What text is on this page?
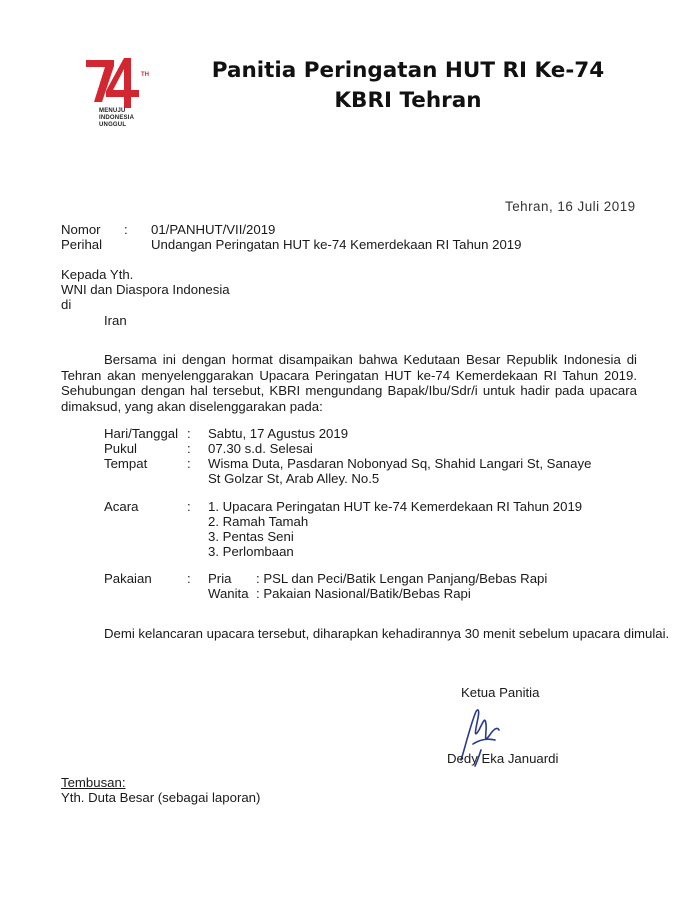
TH
MENUJU
INDONESIA
UNGGUL
Panitia Peringatan HUT RI Ke-74
KBRI Tehran
Tehran, 16 Juli 2019
Nomor : 01/PANHUT/VII/2019
Perihal	Undangan Peringatan HUT ke-74 Kemerdekaan RI Tahun 2019
Kepada Yth.
WNI dan Diaspora Indonesia
di
Iran
Bersama ini dengan hormat disampaikan bahwa Kedutaan Besar Republik Indonesia di Tehran akan menyelenggarakan Upacara Peringatan HUT ke-74 Kemerdekaan RI Tahun 2019. Sehubungan dengan hal tersebut, KBRI mengundang Bapak/Ibu/Sdr/i untuk hadir pada upacara dimaksud, yang akan diselenggarakan pada:
Hari/Tanggal : Sabtu, 17 Agustus 2019
Pukul	: 07.30 s.d. Selesai
Tempat	: Wisma Duta, Pasdaran Nobonyad Sq, Shahid Langari St, Sanaye
St Golzar St, Arab Alley. No.5
Acara	: 1. Upacara Peringatan HUT ke-74 Kemerdekaan RI Tahun 2019
2. Ramah Tamah
3. Pentas Seni
3. Perlombaan
Pakaian	: Pria : PSL dan Peci/Batik Lengan Panjang/Bebas Rapi
Wanita : Pakaian Nasional/Batik/Bebas Rapi
Demi kelancaran upacara tersebut, diharapkan kehadirannya 30 menit sebelum upacara dimulai.
Ketua Panitia
Dedy Eka Januardi
Tembusan:
Yth. Duta Besar (sebagai laporan)
